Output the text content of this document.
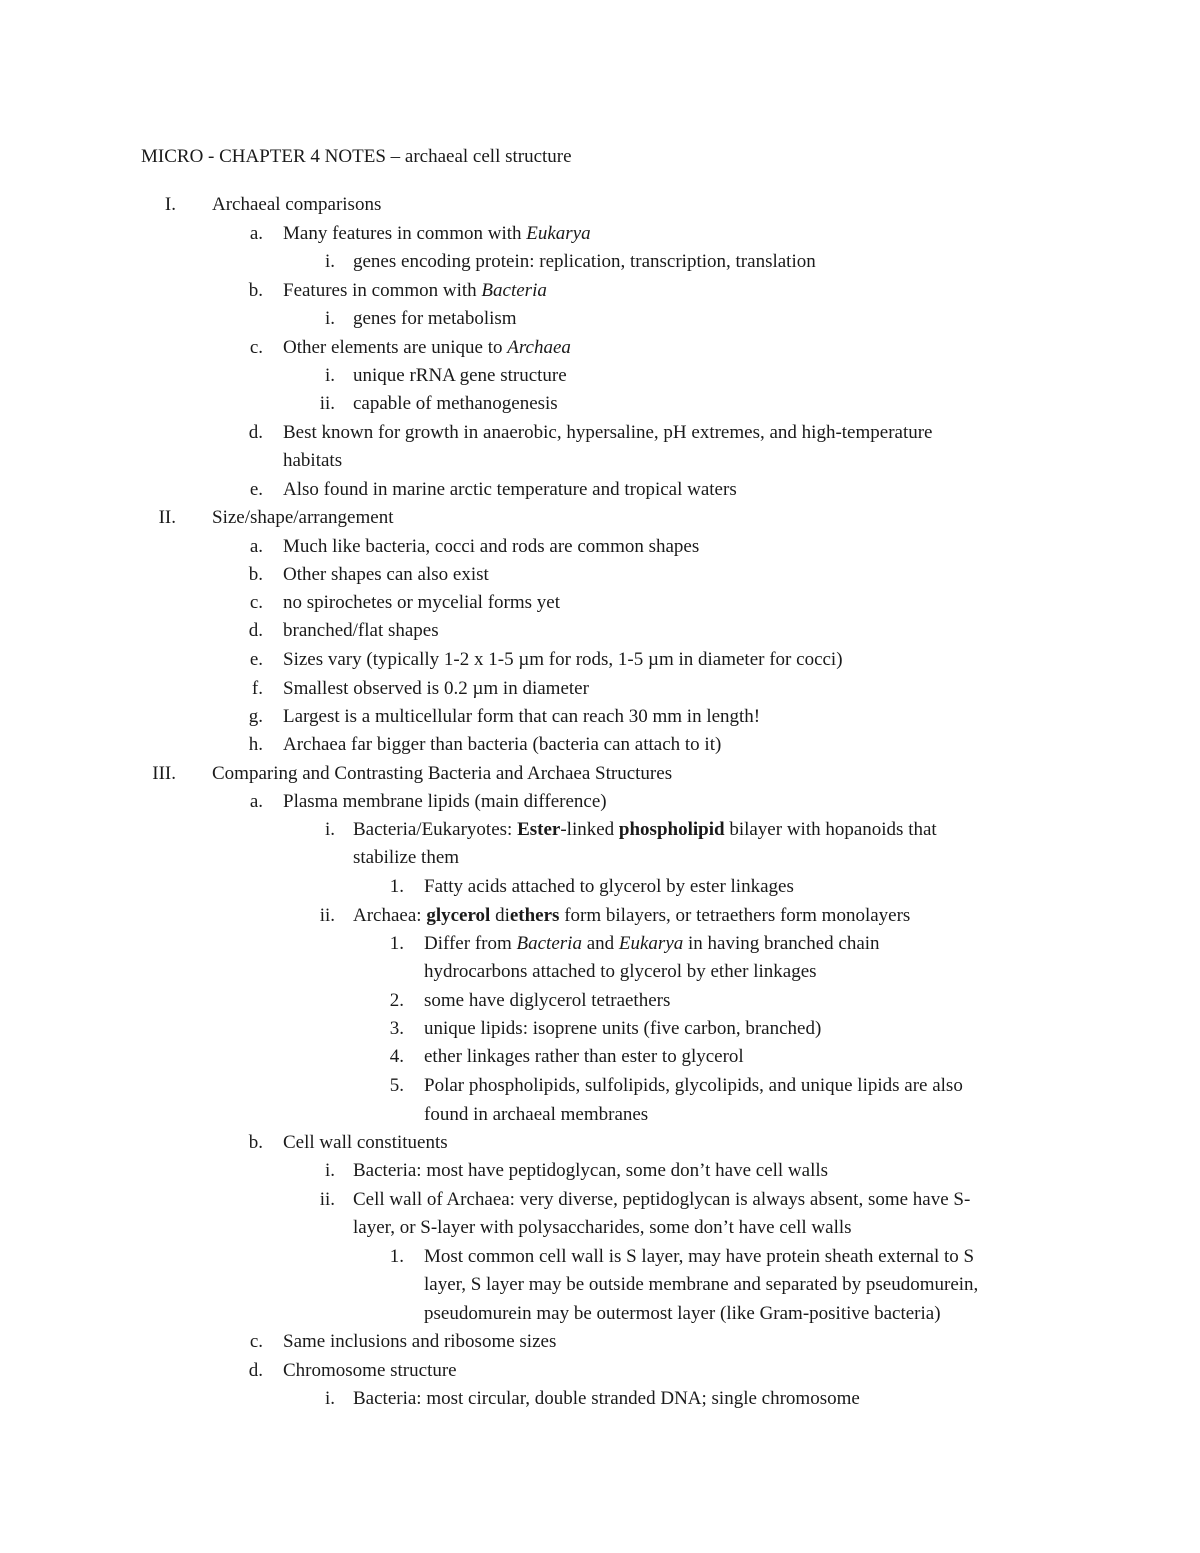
MICRO - CHAPTER 4 NOTES – archaeal cell structure
I. Archaeal comparisons
a. Many features in common with Eukarya
i. genes encoding protein: replication, transcription, translation
b. Features in common with Bacteria
i. genes for metabolism
c. Other elements are unique to Archaea
i. unique rRNA gene structure
ii. capable of methanogenesis
d. Best known for growth in anaerobic, hypersaline, pH extremes, and high-temperature
habitats
e. Also found in marine arctic temperature and tropical waters
II. Size/shape/arrangement
a. Much like bacteria, cocci and rods are common shapes
b. Other shapes can also exist
c. no spirochetes or mycelial forms yet
d. branched/flat shapes
e. Sizes vary (typically 1-2 x 1-5 µm for rods, 1-5 µm in diameter for cocci)
f. Smallest observed is 0.2 µm in diameter
g. Largest is a multicellular form that can reach 30 mm in length!
h. Archaea far bigger than bacteria (bacteria can attach to it)
III. Comparing and Contrasting Bacteria and Archaea Structures
a. Plasma membrane lipids (main difference)
i. Bacteria/Eukaryotes: Ester-linked phospholipid bilayer with hopanoids that
stabilize them
1. Fatty acids attached to glycerol by ester linkages
ii. Archaea: glycerol diethers form bilayers, or tetraethers form monolayers
1. Differ from Bacteria and Eukarya in having branched chain
hydrocarbons attached to glycerol by ether linkages
2. some have diglycerol tetraethers
3. unique lipids: isoprene units (five carbon, branched)
4. ether linkages rather than ester to glycerol
5. Polar phospholipids, sulfolipids, glycolipids, and unique lipids are also
found in archaeal membranes
b. Cell wall constituents
i. Bacteria: most have peptidoglycan, some don’t have cell walls
ii. Cell wall of Archaea: very diverse, peptidoglycan is always absent, some have S-
layer, or S-layer with polysaccharides, some don’t have cell walls
1. Most common cell wall is S layer, may have protein sheath external to S
layer, S layer may be outside membrane and separated by pseudomurein,
pseudomurein may be outermost layer (like Gram-positive bacteria)
c. Same inclusions and ribosome sizes
d. Chromosome structure
i. Bacteria: most circular, double stranded DNA; single chromosome
